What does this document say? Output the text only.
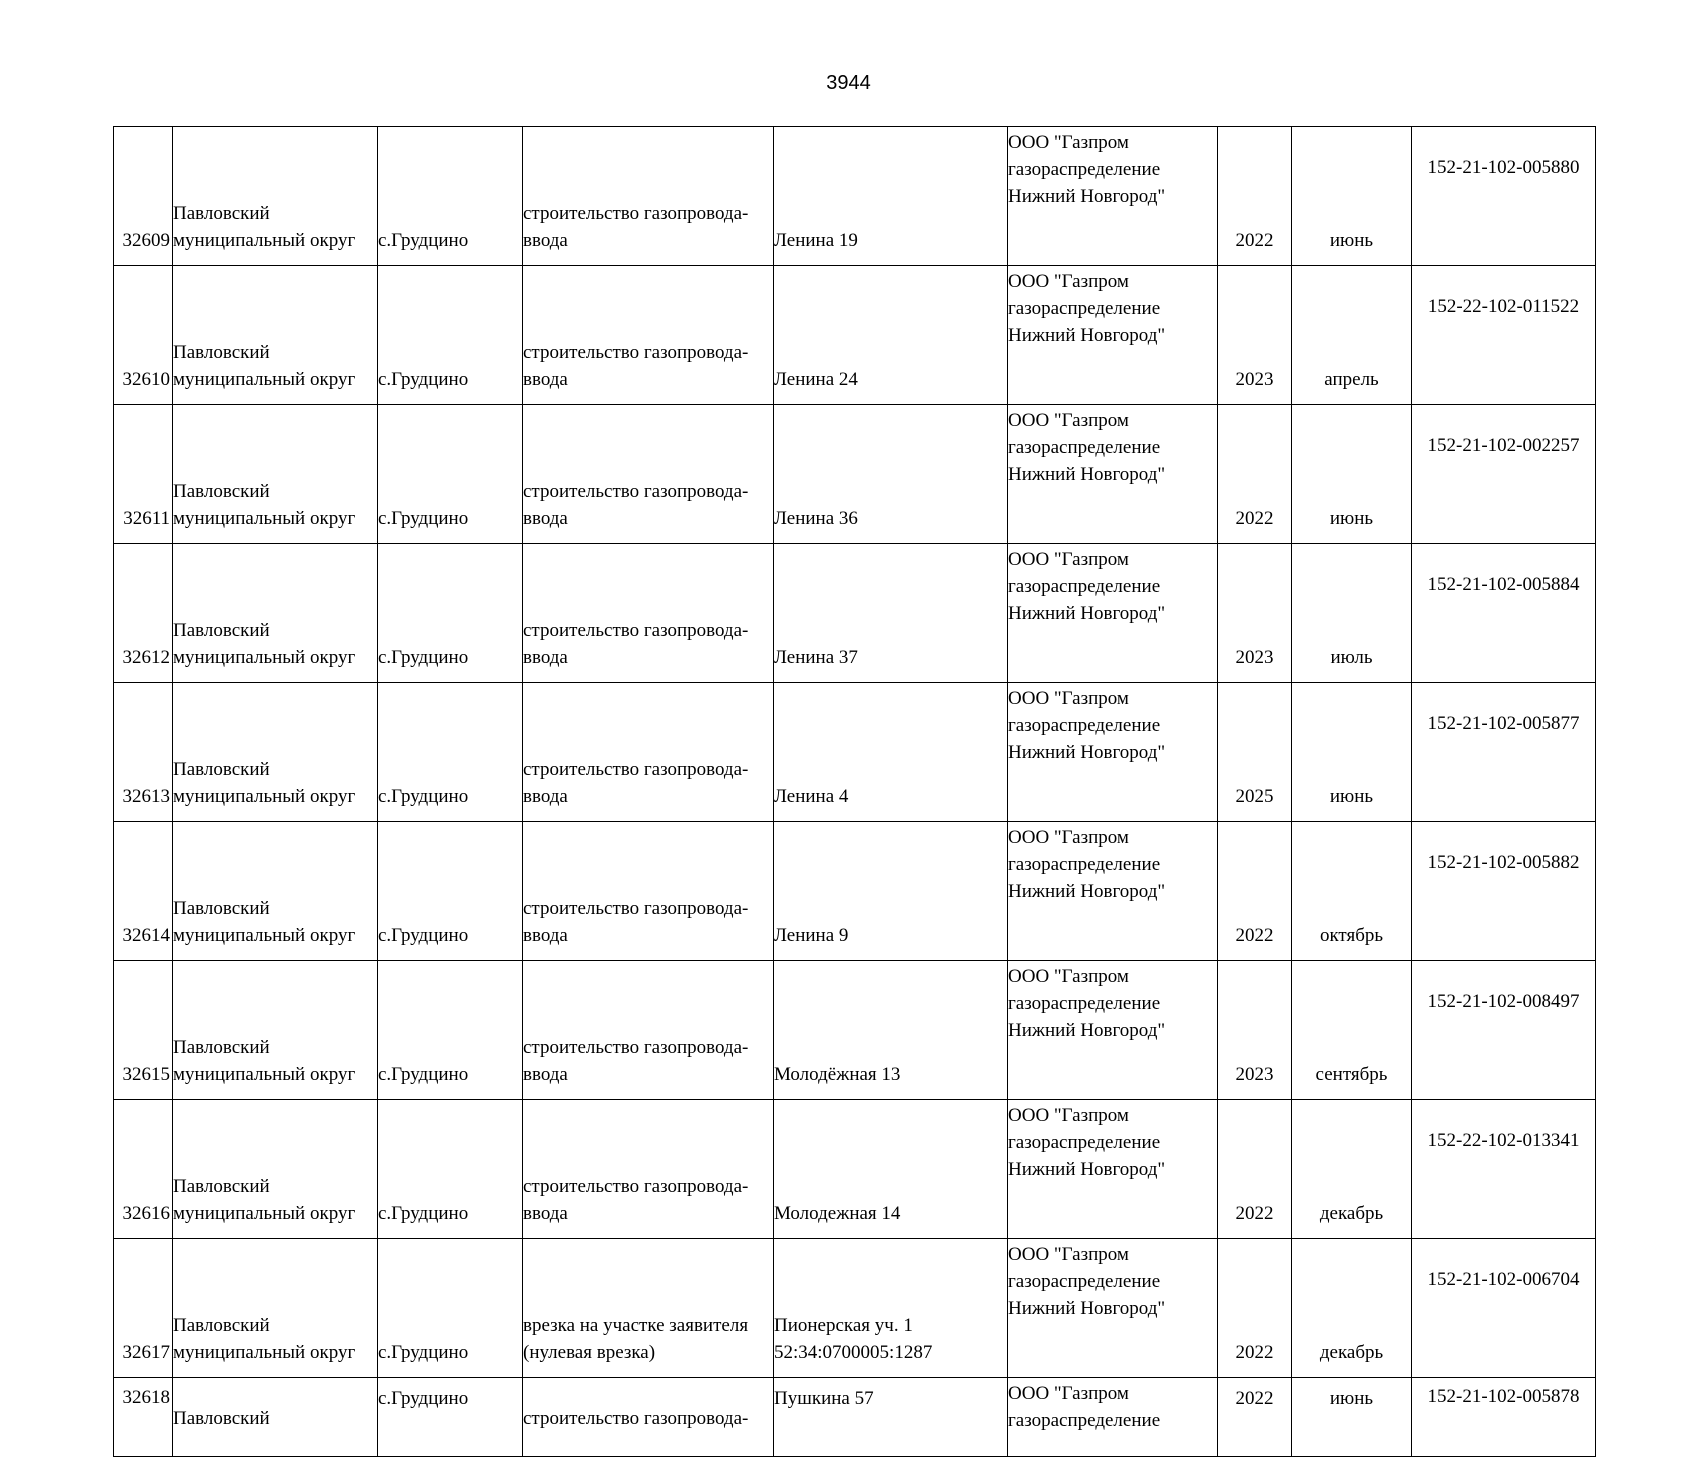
3944
32609	Павловский
муниципальный округ	с.Грудцино	строительство газопровода-
ввода	Ленина 19	ООО "Газпром
газораспределение
Нижний Новгород"	2022	июнь	152-21-102-005880
32610	Павловский
муниципальный округ	с.Грудцино	строительство газопровода-
ввода	Ленина 24	ООО "Газпром
газораспределение
Нижний Новгород"	2023	апрель	152-22-102-011522
32611	Павловский
муниципальный округ	с.Грудцино	строительство газопровода-
ввода	Ленина 36	ООО "Газпром
газораспределение
Нижний Новгород"	2022	июнь	152-21-102-002257
32612	Павловский
муниципальный округ	с.Грудцино	строительство газопровода-
ввода	Ленина 37	ООО "Газпром
газораспределение
Нижний Новгород"	2023	июль	152-21-102-005884
32613	Павловский
муниципальный округ	с.Грудцино	строительство газопровода-
ввода	Ленина 4	ООО "Газпром
газораспределение
Нижний Новгород"	2025	июнь	152-21-102-005877
32614	Павловский
муниципальный округ	с.Грудцино	строительство газопровода-
ввода	Ленина 9	ООО "Газпром
газораспределение
Нижний Новгород"	2022	октябрь	152-21-102-005882
32615	Павловский
муниципальный округ	с.Грудцино	строительство газопровода-
ввода	Молодёжная 13	ООО "Газпром
газораспределение
Нижний Новгород"	2023	сентябрь	152-21-102-008497
32616	Павловский
муниципальный округ	с.Грудцино	строительство газопровода-
ввода	Молодежная 14	ООО "Газпром
газораспределение
Нижний Новгород"	2022	декабрь	152-22-102-013341
32617	Павловский
муниципальный округ	с.Грудцино	врезка на участке заявителя
(нулевая врезка)	Пионерская уч. 1
52:34:0700005:1287	ООО "Газпром
газораспределение
Нижний Новгород"	2022	декабрь	152-21-102-006704
32618	Павловский	с.Грудцино	строительство газопровода-	Пушкина 57	ООО "Газпром
газораспределение	2022	июнь	152-21-102-005878
